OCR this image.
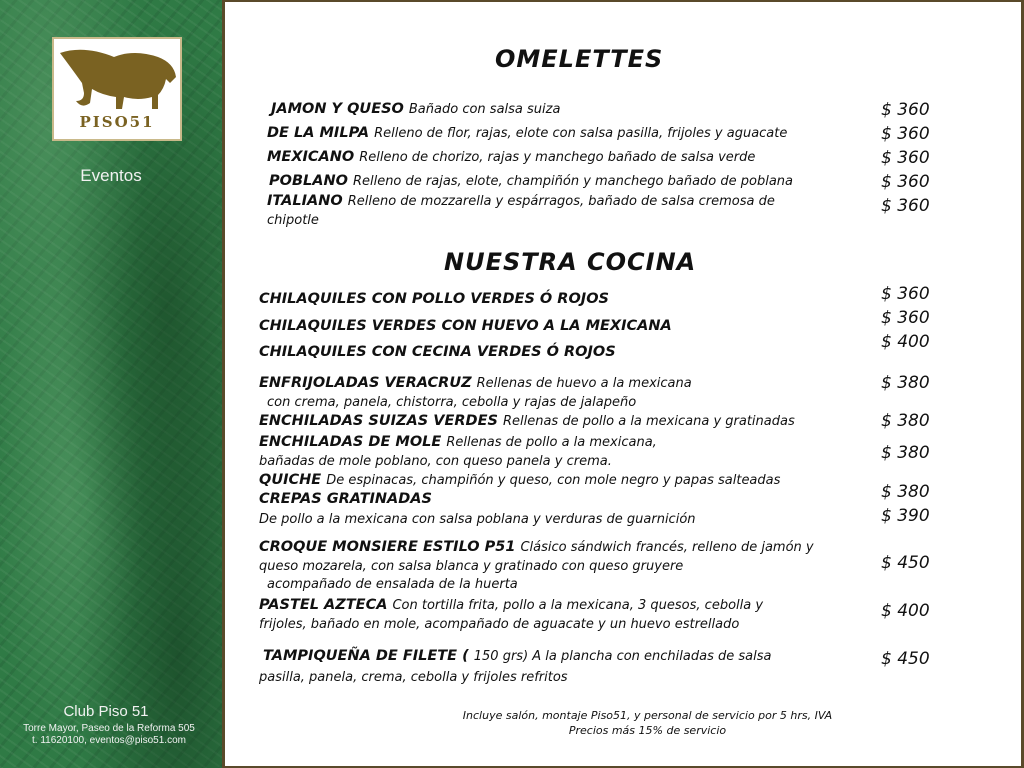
PISO51
Eventos
Club Piso 51
Torre Mayor, Paseo de la Reforma 505
t. 11620100, eventos@piso51.com
OMELETTES
JAMON Y QUESO Bañado con salsa suiza
DE LA MILPA Relleno de flor, rajas, elote con salsa pasilla, frijoles y aguacate
MEXICANO Relleno de chorizo, rajas y manchego bañado de salsa verde
POBLANO Relleno de rajas, elote, champiñón y manchego bañado de poblana
ITALIANO Relleno de mozzarella y espárragos, bañado de salsa cremosa de
chipotle
$ 360
$ 360
$ 360
$ 360
$ 360
NUESTRA COCINA
CHILAQUILES CON POLLO VERDES Ó ROJOS
CHILAQUILES VERDES CON HUEVO A LA MEXICANA
CHILAQUILES CON CECINA VERDES Ó ROJOS
ENFRIJOLADAS VERACRUZ Rellenas de huevo a la mexicana
con crema, panela, chistorra, cebolla y rajas de jalapeño
ENCHILADAS SUIZAS VERDES Rellenas de pollo a la mexicana y gratinadas
ENCHILADAS DE MOLE Rellenas de pollo a la mexicana,
bañadas de mole poblano, con queso panela y crema.
QUICHE De espinacas, champiñón y queso, con mole negro y papas salteadas
CREPAS GRATINADAS
De pollo a la mexicana con salsa poblana y verduras de guarnición
CROQUE MONSIERE ESTILO P51 Clásico sándwich francés, relleno de jamón y
queso mozarela, con salsa blanca y gratinado con queso gruyere
acompañado de ensalada de la huerta
PASTEL AZTECA Con tortilla frita, pollo a la mexicana, 3 quesos, cebolla y
frijoles, bañado en mole, acompañado de aguacate y un huevo estrellado
TAMPIQUEÑA DE FILETE ( 150 grs) A la plancha con enchiladas de salsa
pasilla, panela, crema, cebolla y frijoles refritos
$ 360
$ 360
$ 400
$ 380
$ 380
$ 380
$ 380
$ 390
$ 450
$ 400
$ 450
Incluye salón, montaje Piso51, y personal de servicio por 5 hrs, IVA
Precios más 15% de servicio
